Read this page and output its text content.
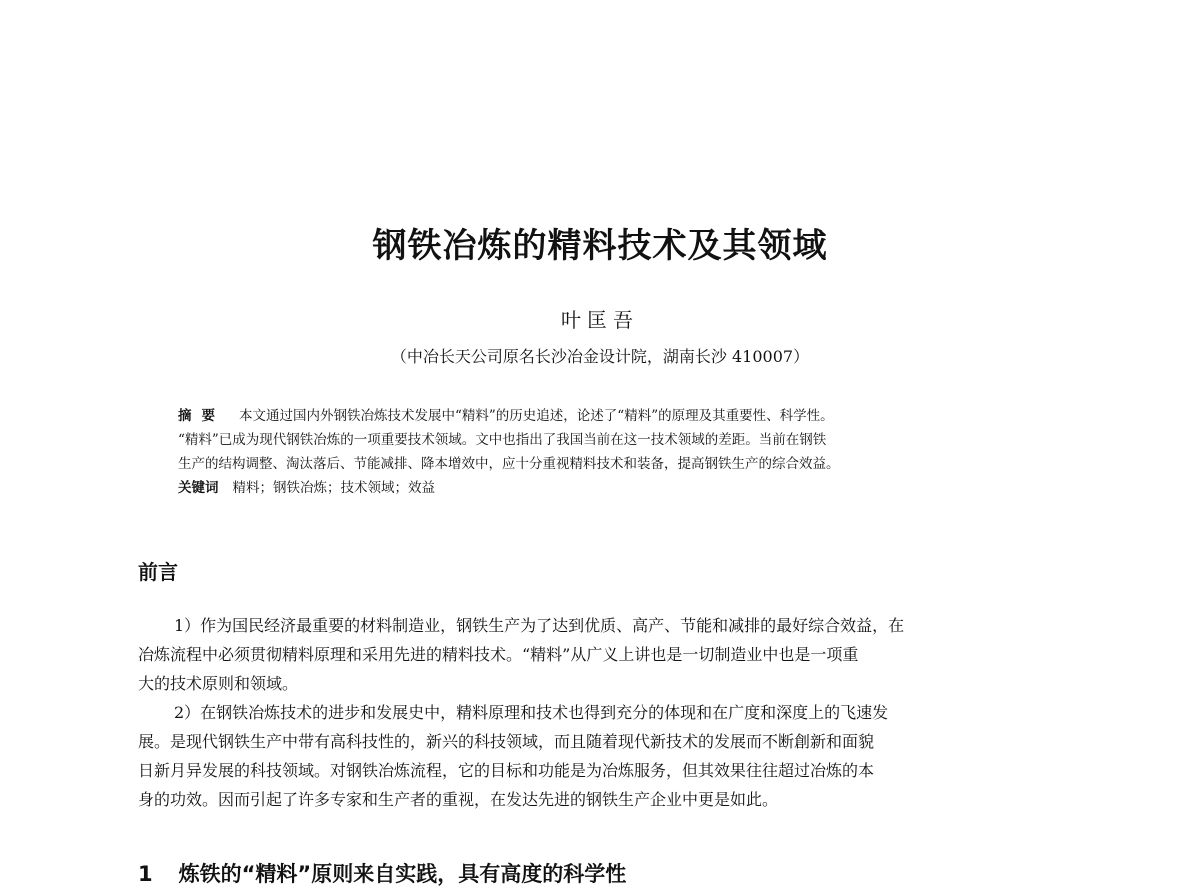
钢铁冶炼的精料技术及其领域
叶匡吾
（中冶长天公司原名长沙冶金设计院，湖南长沙 410007）
摘要 本文通过国内外钢铁冶炼技术发展中“精料”的历史追述，论述了“精料”的原理及其重要性、科学性。
“精料”已成为现代钢铁冶炼的一项重要技术领域。文中也指出了我国当前在这一技术领域的差距。当前在钢铁
生产的结构调整、淘汰落后、节能减排、降本增效中，应十分重视精料技术和装备，提高钢铁生产的综合效益。
关键词 精料；钢铁冶炼；技术领域；效益
前言
1）作为国民经济最重要的材料制造业，钢铁生产为了达到优质、高产、节能和减排的最好综合效益，在
冶炼流程中必须贯彻精料原理和采用先进的精料技术。“精料”从广义上讲也是一切制造业中也是一项重
大的技术原则和领域。
2）在钢铁冶炼技术的进步和发展史中，精料原理和技术也得到充分的体现和在广度和深度上的飞速发
展。是现代钢铁生产中带有高科技性的，新兴的科技领域，而且随着现代新技术的发展而不断創新和面貌
日新月异发展的科技领域。对钢铁冶炼流程，它的目标和功能是为冶炼服务，但其效果往往超过冶炼的本
身的功效。因而引起了许多专家和生产者的重视，在发达先进的钢铁生产企业中更是如此。
1 炼铁的“精料”原则来自实践，具有高度的科学性
